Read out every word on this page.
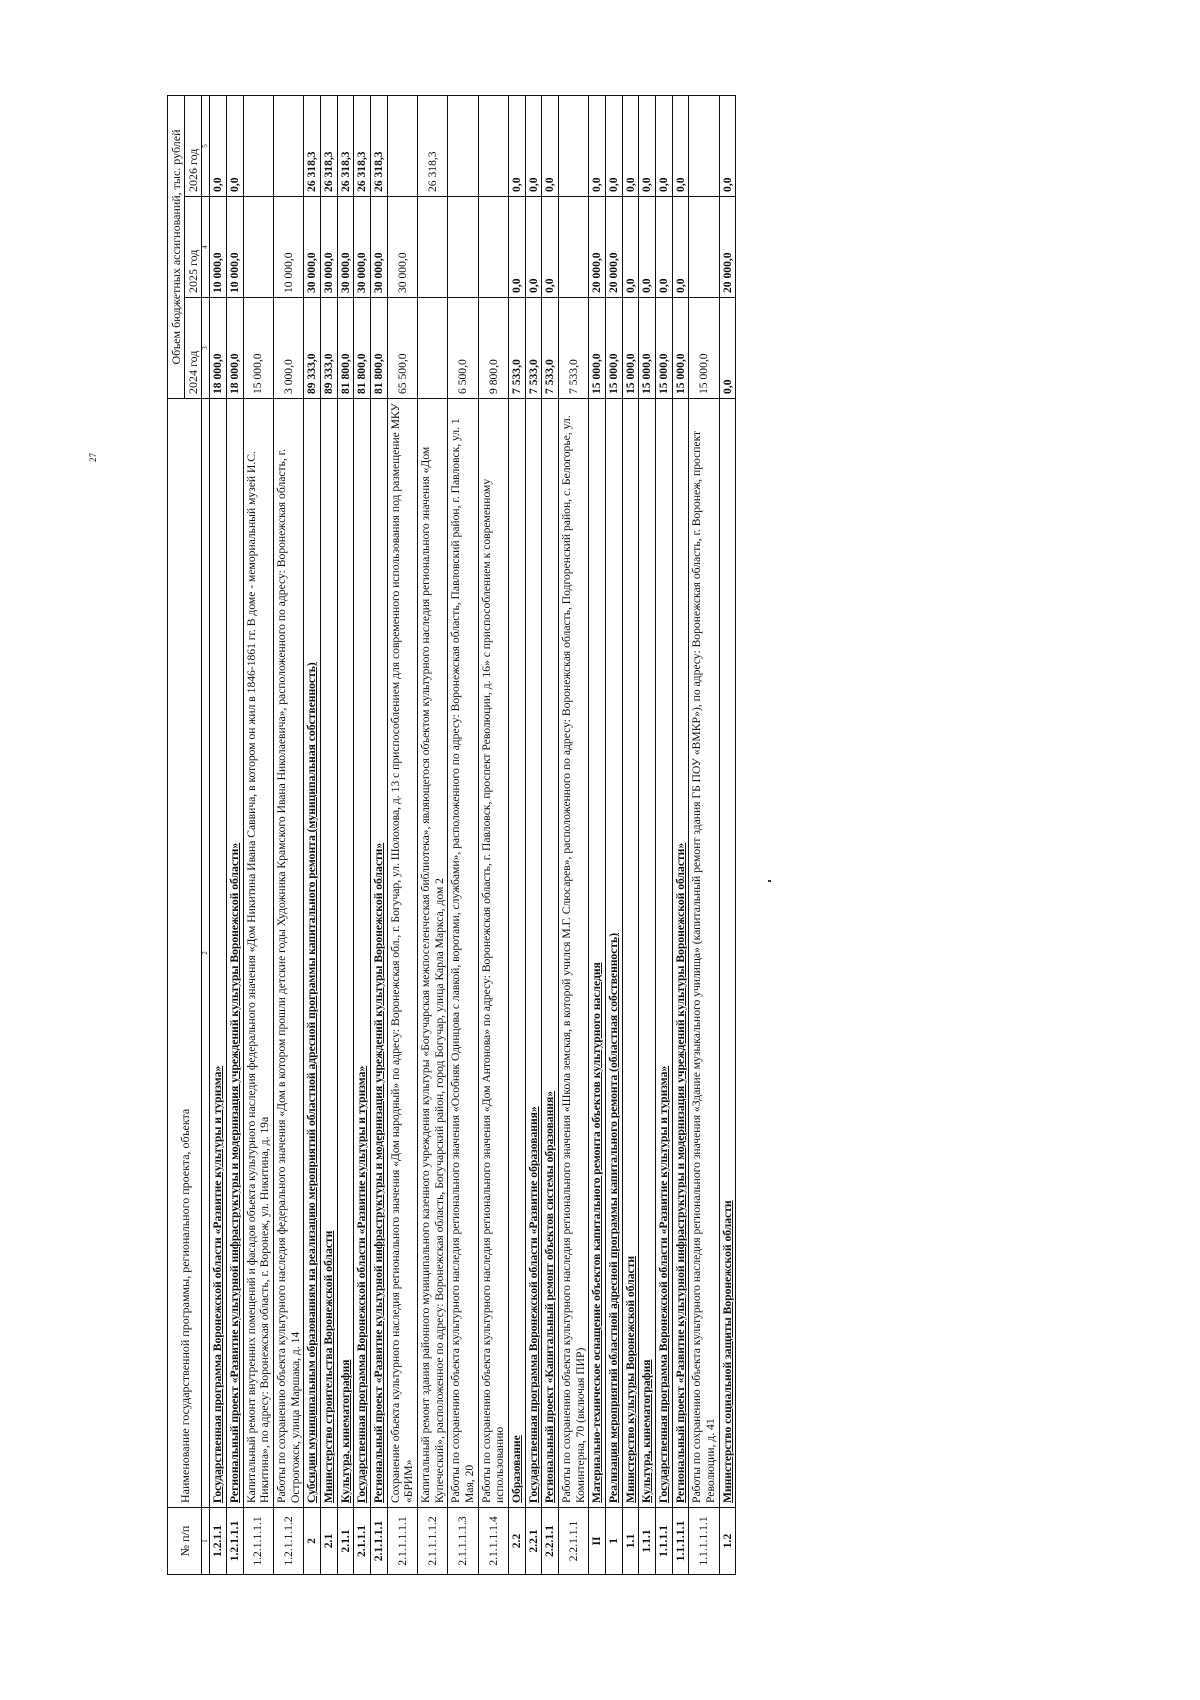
27
№ п/п	Наименование государственной программы, регионального проекта, объекта	Объем бюджетных ассигнований, тыс. рублей		
		2024 год	2025 год	2026 год
1	2	3	4	5
1.2.1.1	Государственная программа Воронежской области «Развитие культуры и туризма»	18 000,0	10 000,0	0,0
1.2.1.1.1	Региональный проект «Развитие культурной инфраструктуры и модернизация учреждений культуры Воронежской области»	18 000,0	10 000,0	0,0
1.2.1.1.1.1	Капитальный ремонт внутренних помещений и фасадов объекта культурного наследия федерального значения «Дом Никитина Ивана Саввича, в котором он жил в 1846-1861 гг. В доме - мемориальный музей И.С. Никитина», по адресу: Воронежская область, г. Воронеж, ул. Никитина, д. 19а	15 000,0		
1.2.1.1.1.2	Работы по сохранению объекта культурного наследия федерального значения «Дом в котором прошли детские годы Художника Крамского Ивана Николаевича», расположенного по адресу: Воронежская область, г. Острогожск, улица Маршака, д. 14	3 000,0	10 000,0	
2	Субсидии муниципальным образованиям на реализацию мероприятий областной адресной программы капитального ремонта (муниципальная собственность)	89 333,0	30 000,0	26 318,3
2.1	Министерство строительства Воронежской области	89 333,0	30 000,0	26 318,3
2.1.1	Культура, кинематография	81 800,0	30 000,0	26 318,3
2.1.1.1	Государственная программа Воронежской области «Развитие культуры и туризма»	81 800,0	30 000,0	26 318,3
2.1.1.1.1	Региональный проект «Развитие культурной инфраструктуры и модернизация учреждений культуры Воронежской области»	81 800,0	30 000,0	26 318,3
2.1.1.1.1.1	Сохранение объекта культурного наследия регионального значения «Дом народный» по адресу: Воронежская обл., г. Богучар, ул. Шолохова, д. 13 с приспособлением для современного использования под размещение МКУ «БРИМ»	65 500,0	30 000,0	
2.1.1.1.1.2	Капитальный ремонт здания районного муниципального казенного учреждения культуры «Богучарская межпоселенческая библиотека», являющегося объектом культурного наследия регионального значения «Дом Купеческий», расположенное по адресу: Воронежская область, Богучарский район, город Богучар, улица Карла Маркса, дом 2			26 318,3
2.1.1.1.1.3	Работы по сохранению объекта культурного наследия регионального значения «Особняк Одинцова с лавкой, воротами, службами», расположенного по адресу: Воронежская область, Павловский район, г. Павловск, ул. 1 Мая, 20	6 500,0		
2.1.1.1.1.4	Работы по сохранению объекта культурного наследия регионального значения «Дом Антонова» по адресу: Воронежская область, г. Павловск, проспект Революции, д. 16» с приспособлением к современному использованию	9 800,0		
2.2	Образование	7 533,0	0,0	0,0
2.2.1	Государственная программа Воронежской области «Развитие образования»	7 533,0	0,0	0,0
2.2.1.1	Региональный проект «Капитальный ремонт объектов системы образования»	7 533,0	0,0	0,0
2.2.1.1.1	Работы по сохранению объекта культурного наследия регионального значения «Школа земская, в которой учился М.Г. Слюсарев», расположенного по адресу: Воронежская область, Подгоренский район, с. Белогорье, ул. Коминтерна, 70 (включая ПИР)	7 533,0		
II	Материально-техническое оснащение объектов капитального ремонта объектов культурного наследия	15 000,0	20 000,0	0,0
1	Реализация мероприятий областной адресной программы капитального ремонта (областная собственность)	15 000,0	20 000,0	0,0
1.1	Министерство культуры Воронежской области	15 000,0	0,0	0,0
1.1.1	Культура, кинематография	15 000,0	0,0	0,0
1.1.1.1	Государственная программа Воронежской области «Развитие культуры и туризма»	15 000,0	0,0	0,0
1.1.1.1.1	Региональный проект «Развитие культурной инфраструктуры и модернизация учреждений культуры Воронежской области»	15 000,0	0,0	0,0
1.1.1.1.1.1	Работы по сохранению объекта культурного наследия регионального значения «Здание музыкального училища» (капитальный ремонт здания ГБ ПОУ «ВМКР»), по адресу: Воронежская область, г. Воронеж, проспект Революции, д. 41	15 000,0		
1.2	Министерство социальной защиты Воронежской области	0,0	20 000,0	0,0
